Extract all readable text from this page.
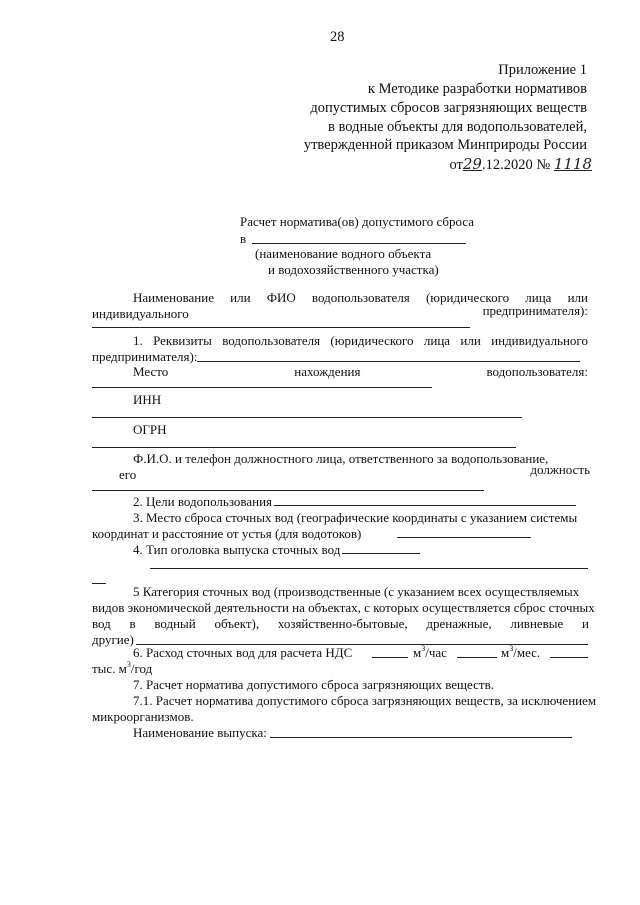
28
Приложение 1
к Методике разработки нормативов
допустимых сбросов загрязняющих веществ
в водные объекты для водопользователей,
утвержденной приказом Минприроды России
от29.12.2020 № 1118
Расчет норматива(ов) допустимого сброса
в
(наименование водного объекта
и водохозяйственного участка)
Наименование или ФИО водопользователя (юридического лица или
индивидуального	предпринимателя):
1. Реквизиты водопользователя (юридического лица или индивидуального
предпринимателя):
Место	нахождения	водопользователя:
ИНН
ОГРН
Ф.И.О. и телефон должностного лица, ответственного за водопользование,
его	должность
2. Цели водопользования
3. Место сброса сточных вод (географические координаты с указанием системы
координат и расстояние от устья (для водотоков)
4. Тип оголовка выпуска сточных вод
5 Категория сточных вод (производственные (с указанием всех осуществляемых
видов экономической деятельности на объектах, с которых осуществляется сброс сточных
вод в водный объект), хозяйственно-бытовые, дренажные, ливневые и
другие)
6. Расход сточных вод для расчета НДС	$м^3$/час	$м^3$/мес.
тыс. $м^3$/год
7. Расчет норматива допустимого сброса загрязняющих веществ.
7.1. Расчет норматива допустимого сброса загрязняющих веществ, за исключением
микроорганизмов.
Наименование выпуска:
